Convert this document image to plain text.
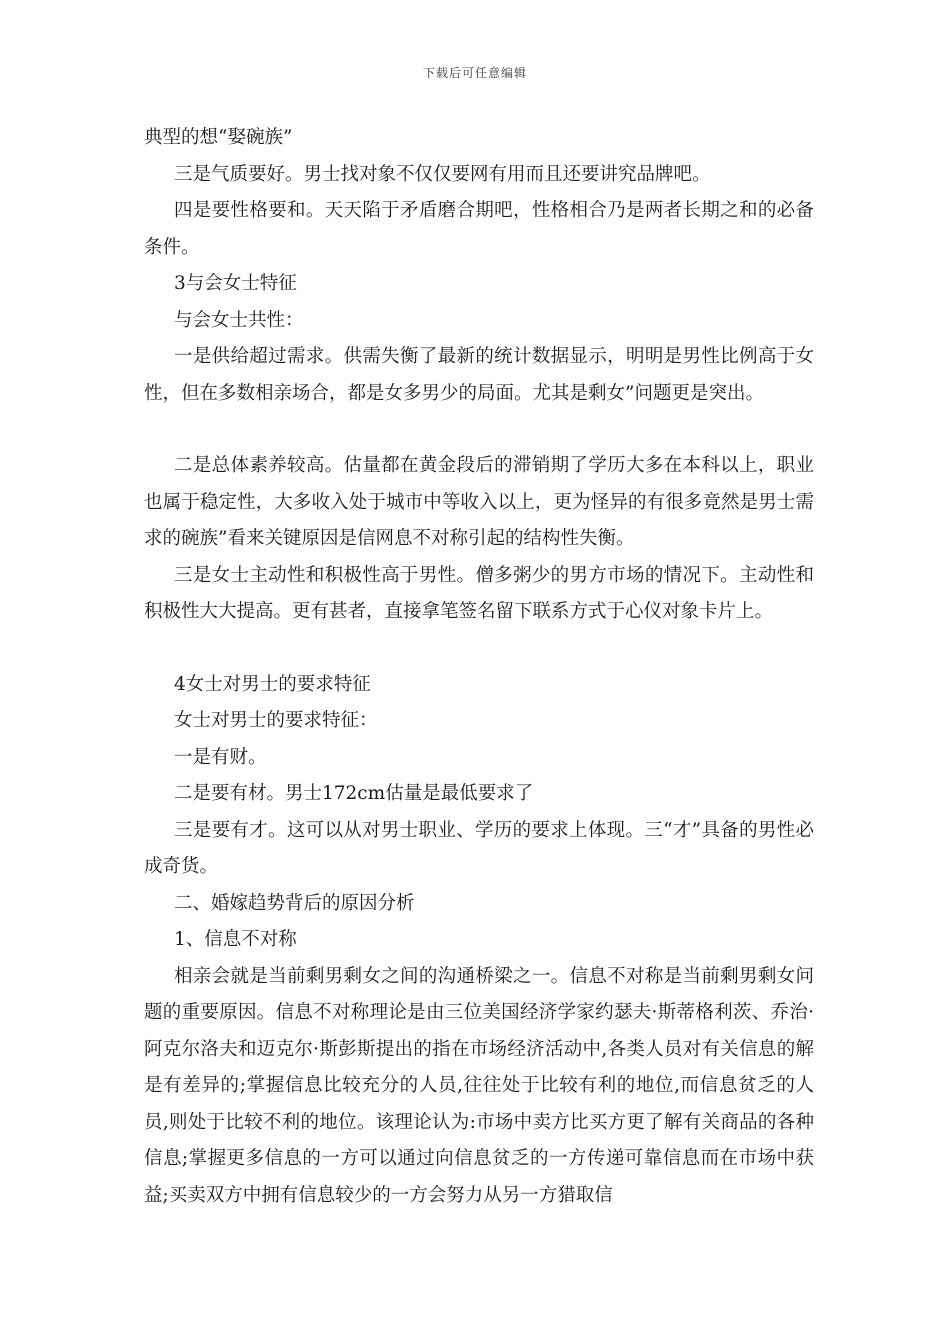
下载后可任意编辑

典型的想“娶碗族”

三是气质要好。男士找对象不仅仅要网有用而且还要讲究品牌吧。

四是要性格要和。天天陷于矛盾磨合期吧，性格相合乃是两者长期之和的必备条件。

3与会女士特征

与会女士共性：

一是供给超过需求。供需失衡了最新的统计数据显示，明明是男性比例高于女性，但在多数相亲场合，都是女多男少的局面。尤其是剩女”问题更是突出。

二是总体素养较高。估量都在黄金段后的滞销期了学历大多在本科以上，职业也属于稳定性，大多收入处于城市中等收入以上，更为怪异的有很多竟然是男士需求的碗族”看来关键原因是信网息不对称引起的结构性失衡。

三是女士主动性和积极性高于男性。僧多粥少的男方市场的情况下。主动性和积极性大大提高。更有甚者，直接拿笔签名留下联系方式于心仪对象卡片上。

4女士对男士的要求特征

女士对男士的要求特征：

一是有财。

二是要有材。男士172cm估量是最低要求了

三是要有才。这可以从对男士职业、学历的要求上体现。三“才”具备的男性必成奇货。

二、婚嫁趋势背后的原因分析

1、信息不对称

相亲会就是当前剩男剩女之间的沟通桥梁之一。信息不对称是当前剩男剩女问题的重要原因。信息不对称理论是由三位美国经济学家约瑟夫·斯蒂格利茨、乔治·阿克尔洛夫和迈克尔·斯彭斯提出的指在市场经济活动中,各类人员对有关信息的解是有差异的;掌握信息比较充分的人员,往往处于比较有利的地位,而信息贫乏的人员,则处于比较不利的地位。该理论认为:市场中卖方比买方更了解有关商品的各种信息;掌握更多信息的一方可以通过向信息贫乏的一方传递可靠信息而在市场中获益;买卖双方中拥有信息较少的一方会努力从另一方猎取信
